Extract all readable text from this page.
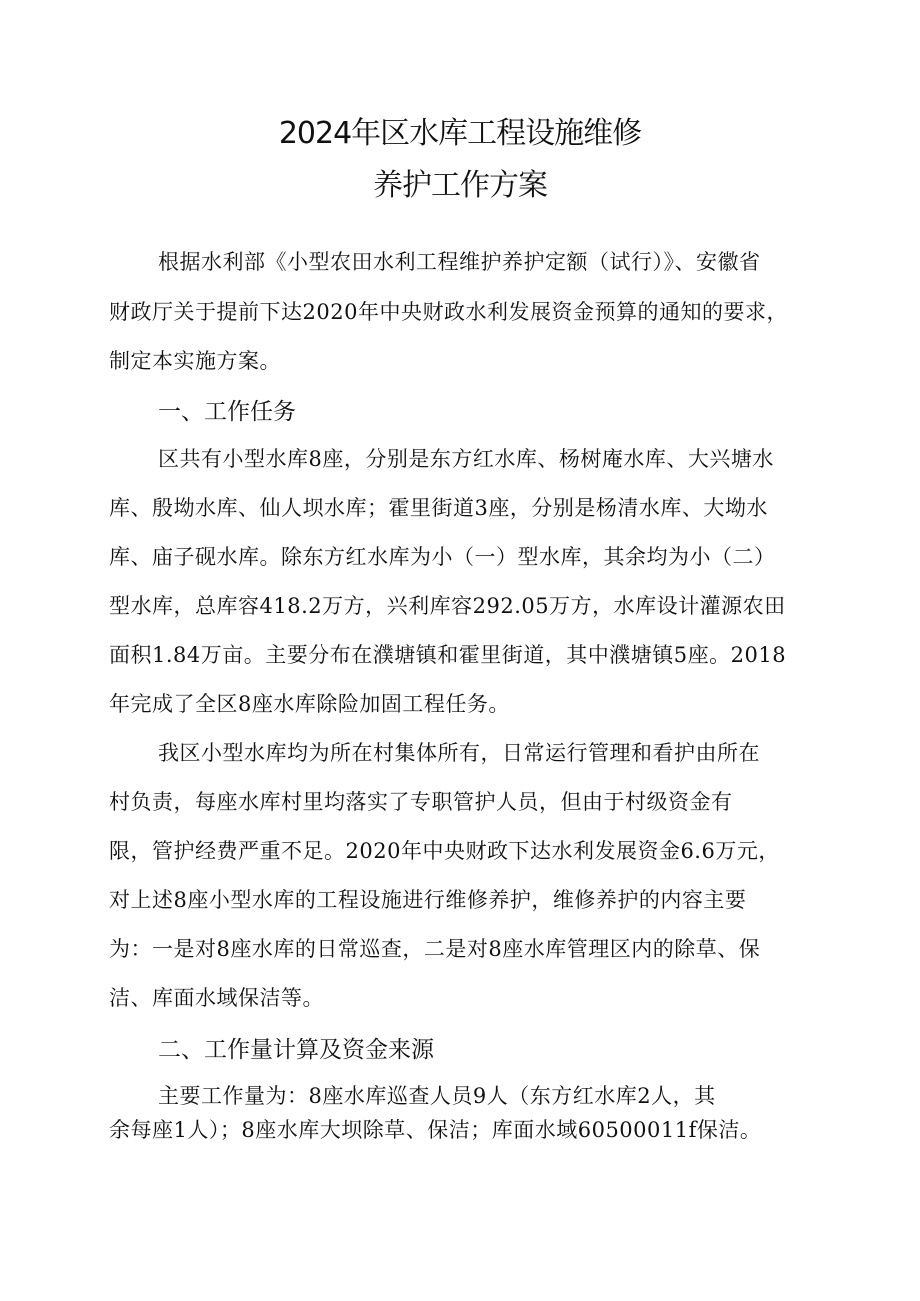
2024年区水库工程设施维修
养护工作方案
根据水利部《小型农田水利工程维护养护定额（试行）》、安徽省
财政厅关于提前下达2020年中央财政水利发展资金预算的通知的要求，
制定本实施方案。
一、工作任务
区共有小型水库8座，分别是东方红水库、杨树庵水库、大兴塘水
库、殷坳水库、仙人坝水库；霍里街道3座，分别是杨清水库、大坳水
库、庙子砚水库。除东方红水库为小（一）型水库，其余均为小（二）
型水库，总库容418.2万方，兴利库容292.05万方，水库设计灌源农田
面积1.84万亩。主要分布在濮塘镇和霍里街道，其中濮塘镇5座。2018
年完成了全区8座水库除险加固工程任务。
我区小型水库均为所在村集体所有，日常运行管理和看护由所在
村负责，每座水库村里均落实了专职管护人员，但由于村级资金有
限，管护经费严重不足。2020年中央财政下达水利发展资金6.6万元，
对上述8座小型水库的工程设施进行维修养护，维修养护的内容主要
为：一是对8座水库的日常巡查，二是对8座水库管理区内的除草、保
洁、库面水域保洁等。
二、工作量计算及资金来源
主要工作量为：8座水库巡查人员9人（东方红水库2人，其
余每座1人）；8座水库大坝除草、保洁；库面水域60500011f保洁。
